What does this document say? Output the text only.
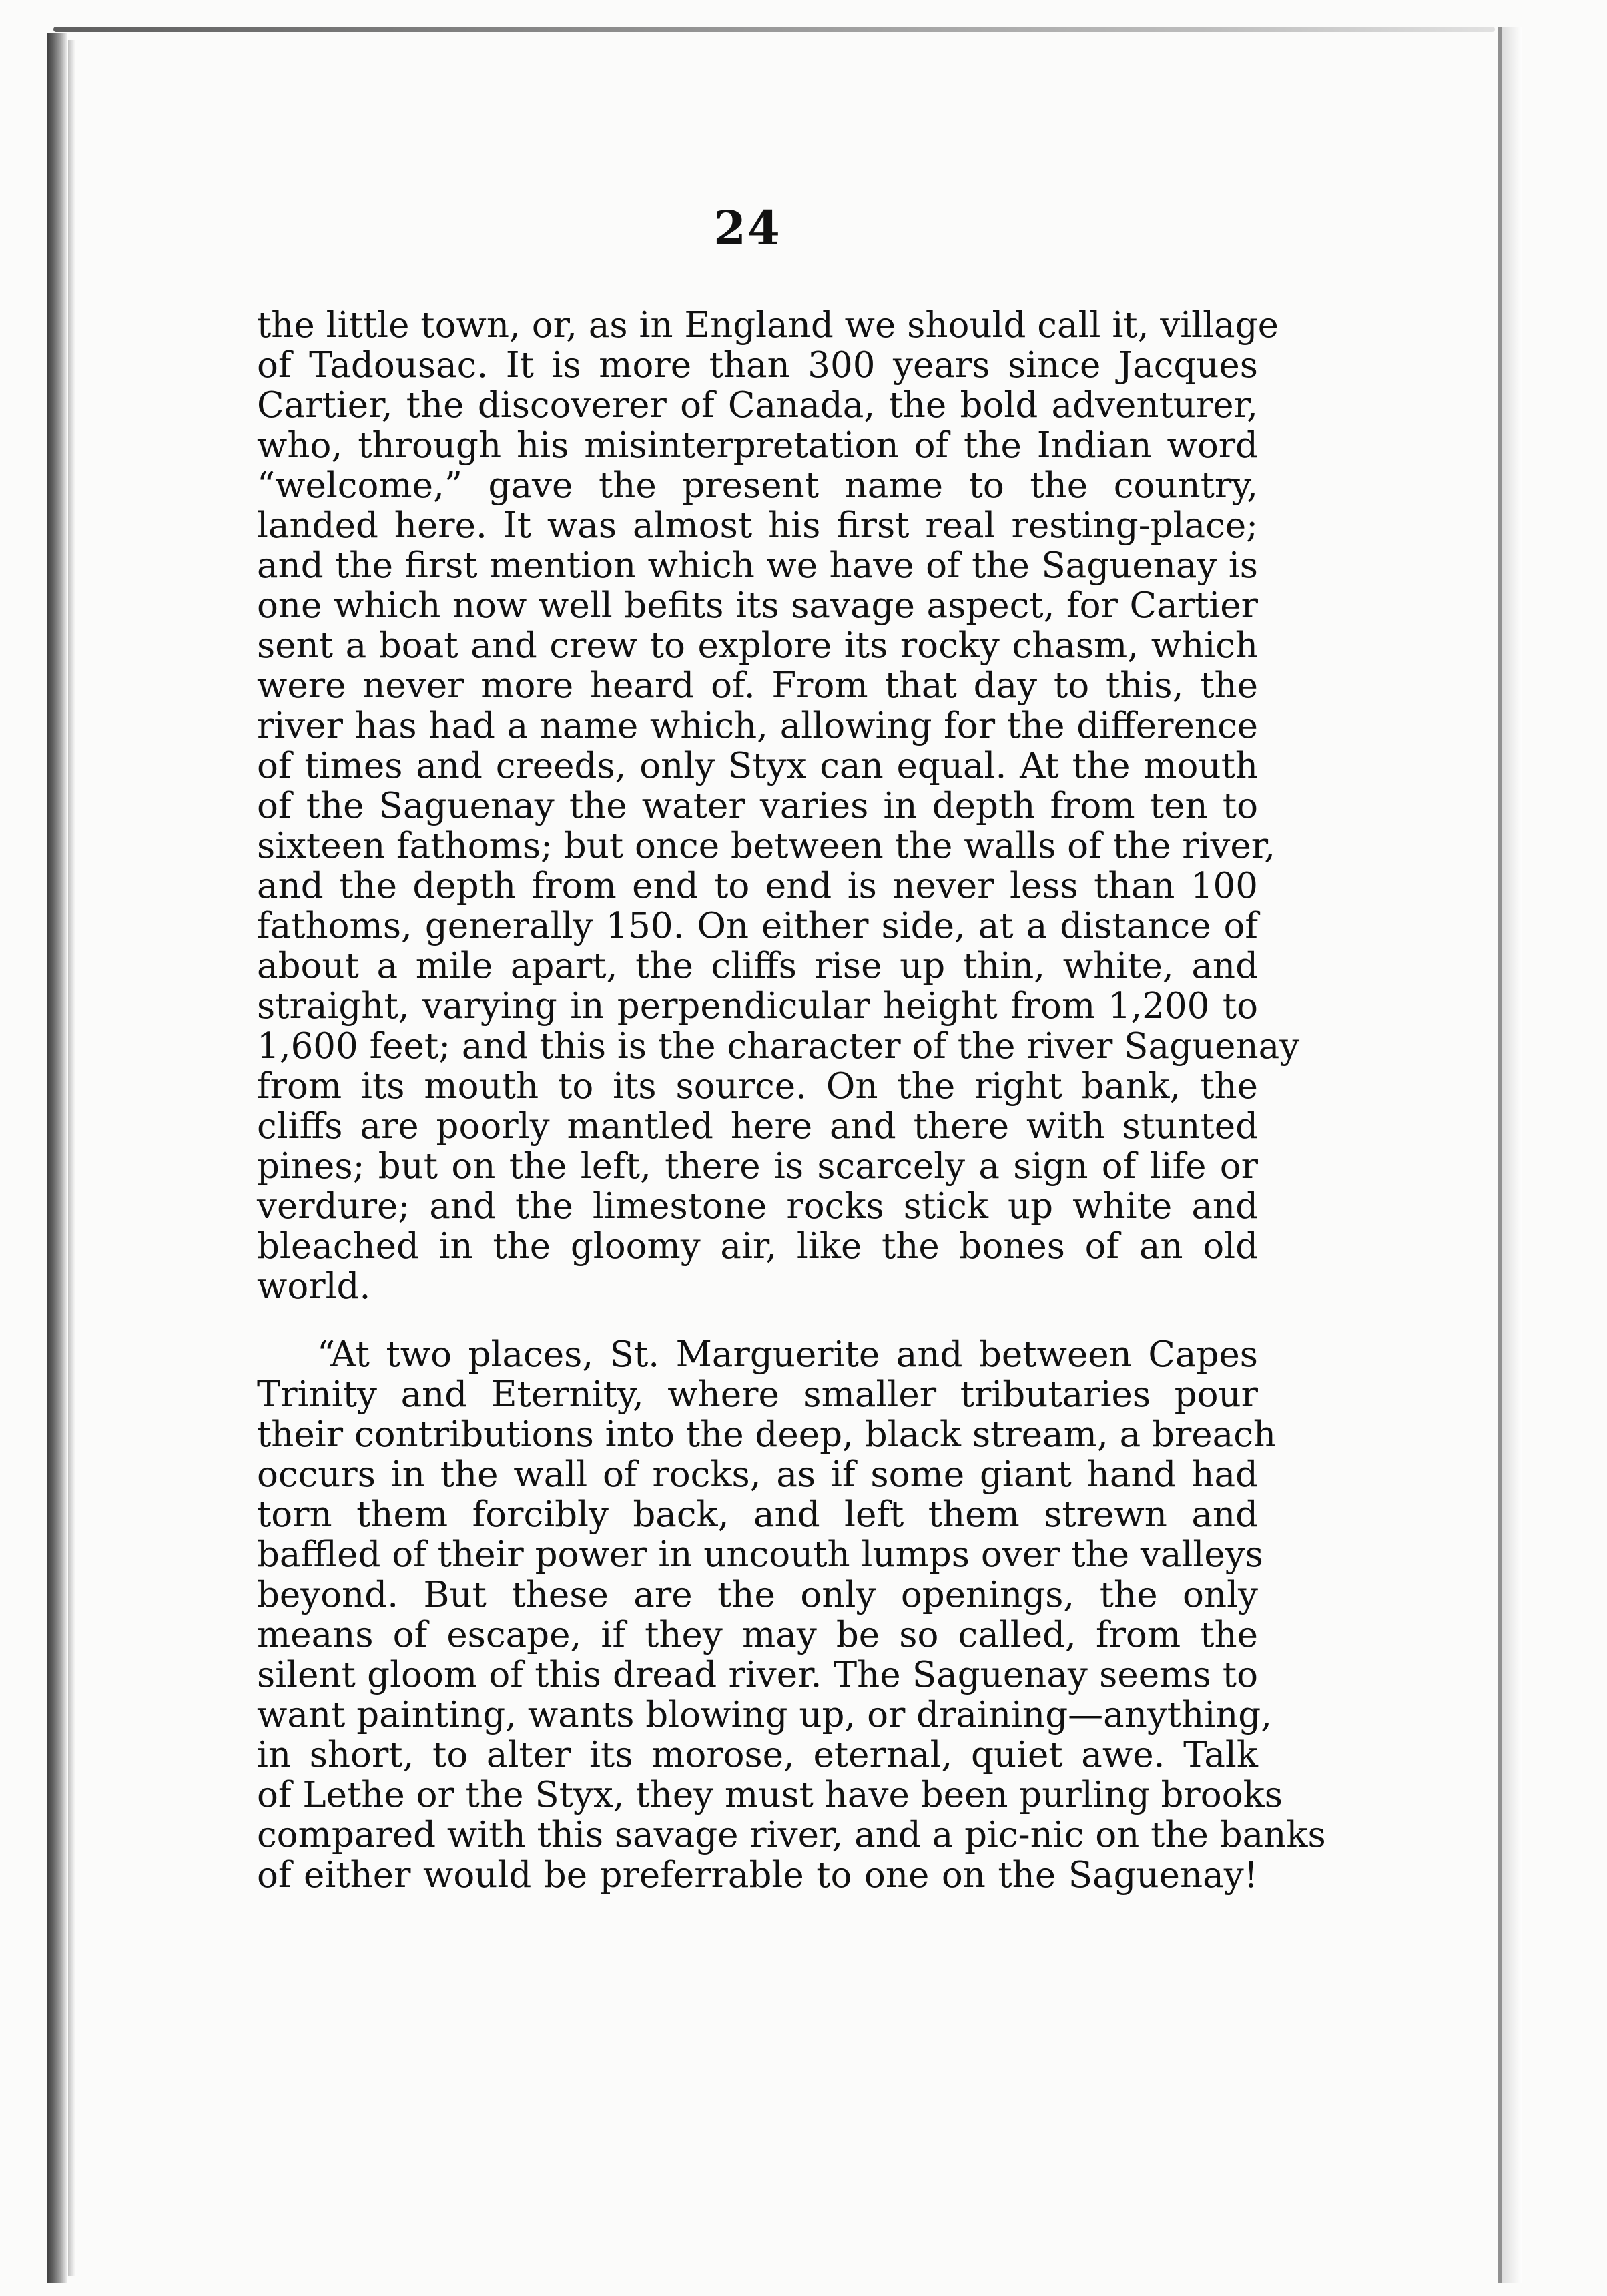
24
the little town, or, as in England we should call it, village
of Tadousac. It is more than 300 years since Jacques
Cartier, the discoverer of Canada, the bold adventurer,
who, through his misinterpretation of the Indian word
“welcome,” gave the present name to the country,
landed here. It was almost his first real resting-place;
and the first mention which we have of the Saguenay is
one which now well befits its savage aspect, for Cartier
sent a boat and crew to explore its rocky chasm, which
were never more heard of. From that day to this, the
river has had a name which, allowing for the difference
of times and creeds, only Styx can equal. At the mouth
of the Saguenay the water varies in depth from ten to
sixteen fathoms; but once between the walls of the river,
and the depth from end to end is never less than 100
fathoms, generally 150. On either side, at a distance of
about a mile apart, the cliffs rise up thin, white, and
straight, varying in perpendicular height from 1,200 to
1,600 feet; and this is the character of the river Saguenay
from its mouth to its source. On the right bank, the
cliffs are poorly mantled here and there with stunted
pines; but on the left, there is scarcely a sign of life or
verdure; and the limestone rocks stick up white and
bleached in the gloomy air, like the bones of an old
world.
“At two places, St. Marguerite and between Capes
Trinity and Eternity, where smaller tributaries pour
their contributions into the deep, black stream, a breach
occurs in the wall of rocks, as if some giant hand had
torn them forcibly back, and left them strewn and
baffled of their power in uncouth lumps over the valleys
beyond. But these are the only openings, the only
means of escape, if they may be so called, from the
silent gloom of this dread river. The Saguenay seems to
want painting, wants blowing up, or draining—anything,
in short, to alter its morose, eternal, quiet awe. Talk
of Lethe or the Styx, they must have been purling brooks
compared with this savage river, and a pic-nic on the banks
of either would be preferrable to one on the Saguenay!
